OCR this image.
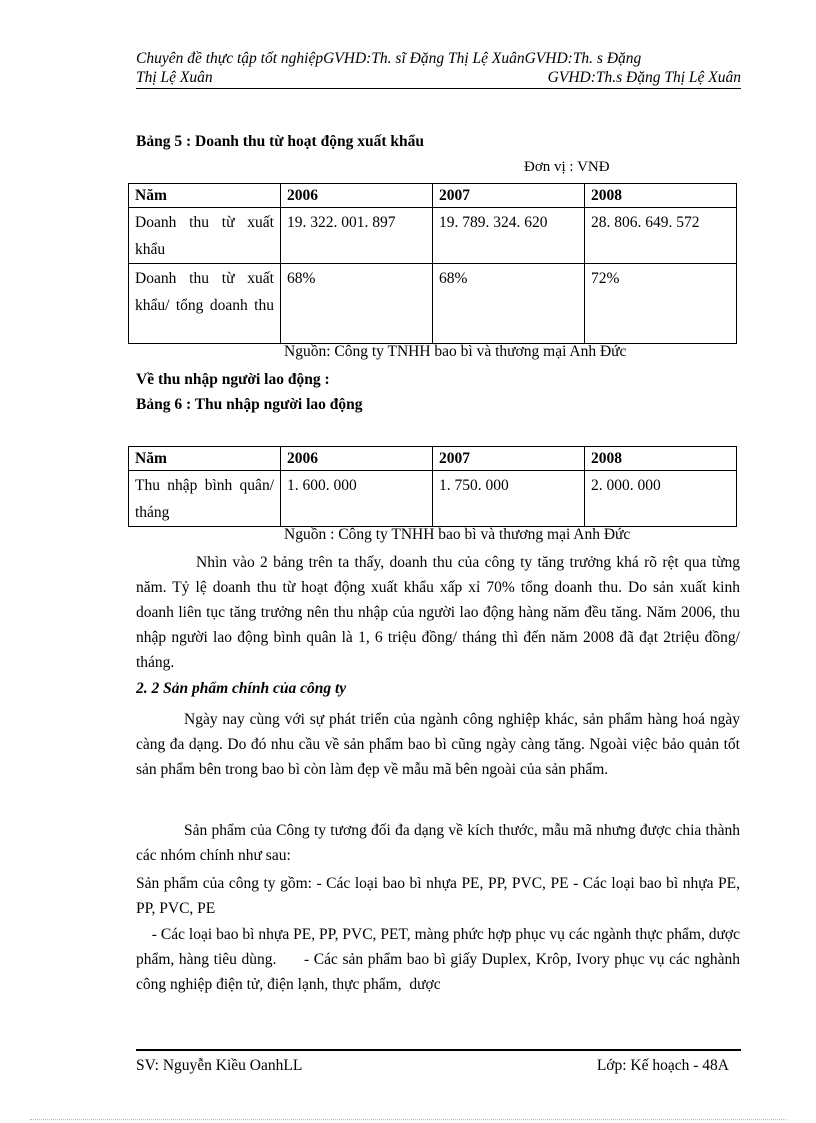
Chuyên đề thực tập tốt nghiệpGVHD:Th. sĩ Đặng Thị Lệ XuânGVHD:Th. s Đặng
Thị Lệ Xuân	GVHD:Th.s Đặng Thị Lệ Xuân
Bảng 5 : Doanh thu từ hoạt động xuất khẩu
Đơn vị : VNĐ
Năm	2006	2007	2008
Doanh thu từ xuất khẩu	19. 322. 001. 897	19. 789. 324. 620	28. 806. 649. 572
Doanh thu từ xuất khẩu/ tổng doanh thu	68%	68%	72%
Nguồn: Công ty TNHH bao bì và thương mại Anh Đức
Về thu nhập người lao động :
Bảng 6 : Thu nhập người lao động
Năm	2006	2007	2008
Thu nhập bình quân/ tháng	1. 600. 000	1. 750. 000	2. 000. 000
Nguồn : Công ty TNHH bao bì và thương mại Anh Đức
Nhìn vào 2 bảng trên ta thấy, doanh thu của công ty tăng trưởng khá rõ rệt qua từng năm. Tỷ lệ doanh thu từ hoạt động xuất khẩu xấp xỉ 70% tổng doanh thu. Do sản xuất kinh doanh liên tục tăng trưởng nên thu nhập của người lao động hàng năm đều tăng. Năm 2006, thu nhập người lao động bình quân là 1, 6 triệu đồng/ tháng thì đến năm 2008 đã đạt 2triệu đồng/ tháng.
2. 2 Sản phẩm chính của công ty
Ngày nay cùng với sự phát triển của ngành công nghiệp khác, sản phẩm hàng hoá ngày càng đa dạng. Do đó nhu cầu về sản phẩm bao bì cũng ngày càng tăng. Ngoài việc bảo quản tốt sản phẩm bên trong bao bì còn làm đẹp về mẫu mã bên ngoài của sản phẩm.
Sản phẩm của Công ty tương đối đa dạng về kích thước, mẫu mã nhưng được chia thành các nhóm chính như sau:
Sản phẩm của công ty gồm: - Các loại bao bì nhựa PE, PP, PVC, PE - Các loại bao bì nhựa PE, PP, PVC, PE
- Các loại bao bì nhựa PE, PP, PVC, PET, màng phức hợp phục vụ các ngành thực phẩm, dược phẩm, hàng tiêu dùng.      - Các sản phẩm bao bì giấy Duplex, Krôp, Ivory phục vụ các nghành  công nghiệp điện tử, điện lạnh, thực phẩm,  dược
SV: Nguyễn Kiều OanhLL	Lớp: Kế hoạch - 48A
